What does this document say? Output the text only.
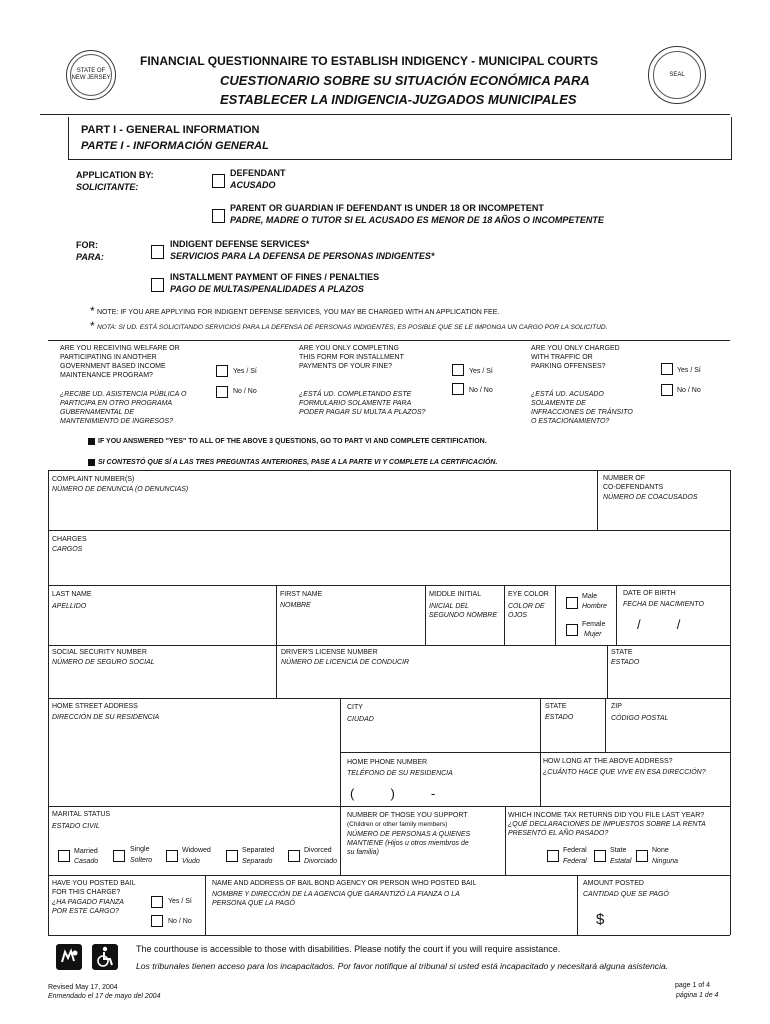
STATE OF NEW JERSEY	SEAL
FINANCIAL QUESTIONNAIRE TO ESTABLISH INDIGENCY - MUNICIPAL COURTS
CUESTIONARIO SOBRE SU SITUACIÓN ECONÓMICA PARA
ESTABLECER LA INDIGENCIA-JUZGADOS MUNICIPALES
PART I - GENERAL INFORMATION
PARTE I - INFORMACIÓN GENERAL
APPLICATION BY:
SOLICITANTE:
DEFENDANT
ACUSADO
PARENT OR GUARDIAN IF DEFENDANT IS UNDER 18 OR INCOMPETENT
PADRE, MADRE O TUTOR SI EL ACUSADO ES MENOR DE 18 AÑOS O INCOMPETENTE
FOR:
PARA:
INDIGENT DEFENSE SERVICES*
SERVICIOS PARA LA DEFENSA DE PERSONAS INDIGENTES*
INSTALLMENT PAYMENT OF FINES / PENALTIES
PAGO DE MULTAS/PENALIDADES A PLAZOS
* NOTE: IF YOU ARE APPLYING FOR INDIGENT DEFENSE SERVICES, YOU MAY BE CHARGED WITH AN APPLICATION FEE.
* NOTA: SI UD. ESTÁ SOLICITANDO SERVICIOS PARA LA DEFENSA DE PERSONAS INDIGENTES, ES POSIBLE QUE SE LE IMPONGA UN CARGO POR LA SOLICITUD.
ARE YOU RECEIVING WELFARE OR
PARTICIPATING IN ANOTHER
GOVERNMENT BASED INCOME
MAINTENANCE PROGRAM?
Yes / Sí
¿RECIBE UD. ASISTENCIA PÚBLICA O
PARTICIPA EN OTRO PROGRAMA
GUBERNAMENTAL DE
MANTENIMIENTO DE INGRESOS?
No / No
ARE YOU ONLY COMPLETING
THIS FORM FOR INSTALLMENT
PAYMENTS OF YOUR FINE?
Yes / Sí
¿ESTÁ UD. COMPLETANDO ESTE
FORMULARIO SOLAMENTE PARA
PODER PAGAR SU MULTA A PLAZOS?
No / No
ARE YOU ONLY CHARGED
WITH TRAFFIC OR
PARKING OFFENSES?
Yes / Sí
¿ESTÁ UD. ACUSADO
SOLAMENTE DE
INFRACCIONES DE TRÁNSITO
O ESTACIONAMIENTO?
No / No
IF YOU ANSWERED "YES" TO ALL OF THE ABOVE 3 QUESTIONS, GO TO PART VI AND COMPLETE CERTIFICATION.
SI CONTESTÓ QUE SÍ A LAS TRES PREGUNTAS ANTERIORES, PASE A LA PARTE VI Y COMPLETE LA CERTIFICACIÓN.
COMPLAINT NUMBER(S)
NÚMERO DE DENUNCIA (O DENUNCIAS)
NUMBER OF
CO-DEFENDANTS
NÚMERO DE COACUSADOS
CHARGES
CARGOS
LAST NAME
APELLIDO
FIRST NAME
NOMBRE
MIDDLE INITIAL
INICIAL DEL
SEGUNDO NOMBRE
EYE COLOR
COLOR DE
OJOS
Male
Hombre
Female
Mujer
DATE OF BIRTH
FECHA DE NACIMIENTO
/          /
SOCIAL SECURITY NUMBER
NÚMERO DE SEGURO SOCIAL
DRIVER'S LICENSE NUMBER
NÚMERO DE LICENCIA DE CONDUCIR
STATE
ESTADO
HOME STREET ADDRESS
DIRECCIÓN DE SU RESIDENCIA
CITY
CIUDAD
STATE
ESTADO
ZIP
CÓDIGO POSTAL
HOME PHONE NUMBER
TELÉFONO DE SU RESIDENCIA
(          )          -
HOW LONG AT THE ABOVE ADDRESS?
¿CUÁNTO HACE QUE VIVE EN ESA DIRECCIÓN?
MARITAL STATUS
ESTADO CIVIL
Married
Casado
Single
Soltero
Widowed
Viudo
Separated
Separado
Divorced
Divorciado
NUMBER OF THOSE YOU SUPPORT
(Children or other family members)
NÚMERO DE PERSONAS A QUIENES
MANTIENE (Hijos u otros miembros de
su familia)
WHICH INCOME TAX RETURNS DID YOU FILE LAST YEAR?
¿QUÉ DECLARACIONES DE IMPUESTOS SOBRE LA RENTA
PRESENTÓ EL AÑO PASADO?
Federal
Federal
State
Estatal
None
Ninguna
HAVE YOU POSTED BAIL
FOR THIS CHARGE?
¿HA PAGADO FIANZA
POR ESTE CARGO?
Yes / Sí
No / No
NAME AND ADDRESS OF BAIL BOND AGENCY OR PERSON WHO POSTED BAIL
NOMBRE Y DIRECCIÓN DE LA AGENCIA QUE GARANTIZÓ LA FIANZA O LA
PERSONA QUE LA PAGÓ
AMOUNT POSTED
CANTIDAD QUE SE PAGÓ
$
The courthouse is accessible to those with disabilities. Please notify the court if you will require assistance.
Los tribunales tienen acceso para los incapacitados. Por favor notifique al tribunal si usted está incapacitado y necesitará alguna asistencia.
Revised May 17, 2004
Enmendado el 17 de mayo del 2004
page 1 of 4
página 1 de 4
